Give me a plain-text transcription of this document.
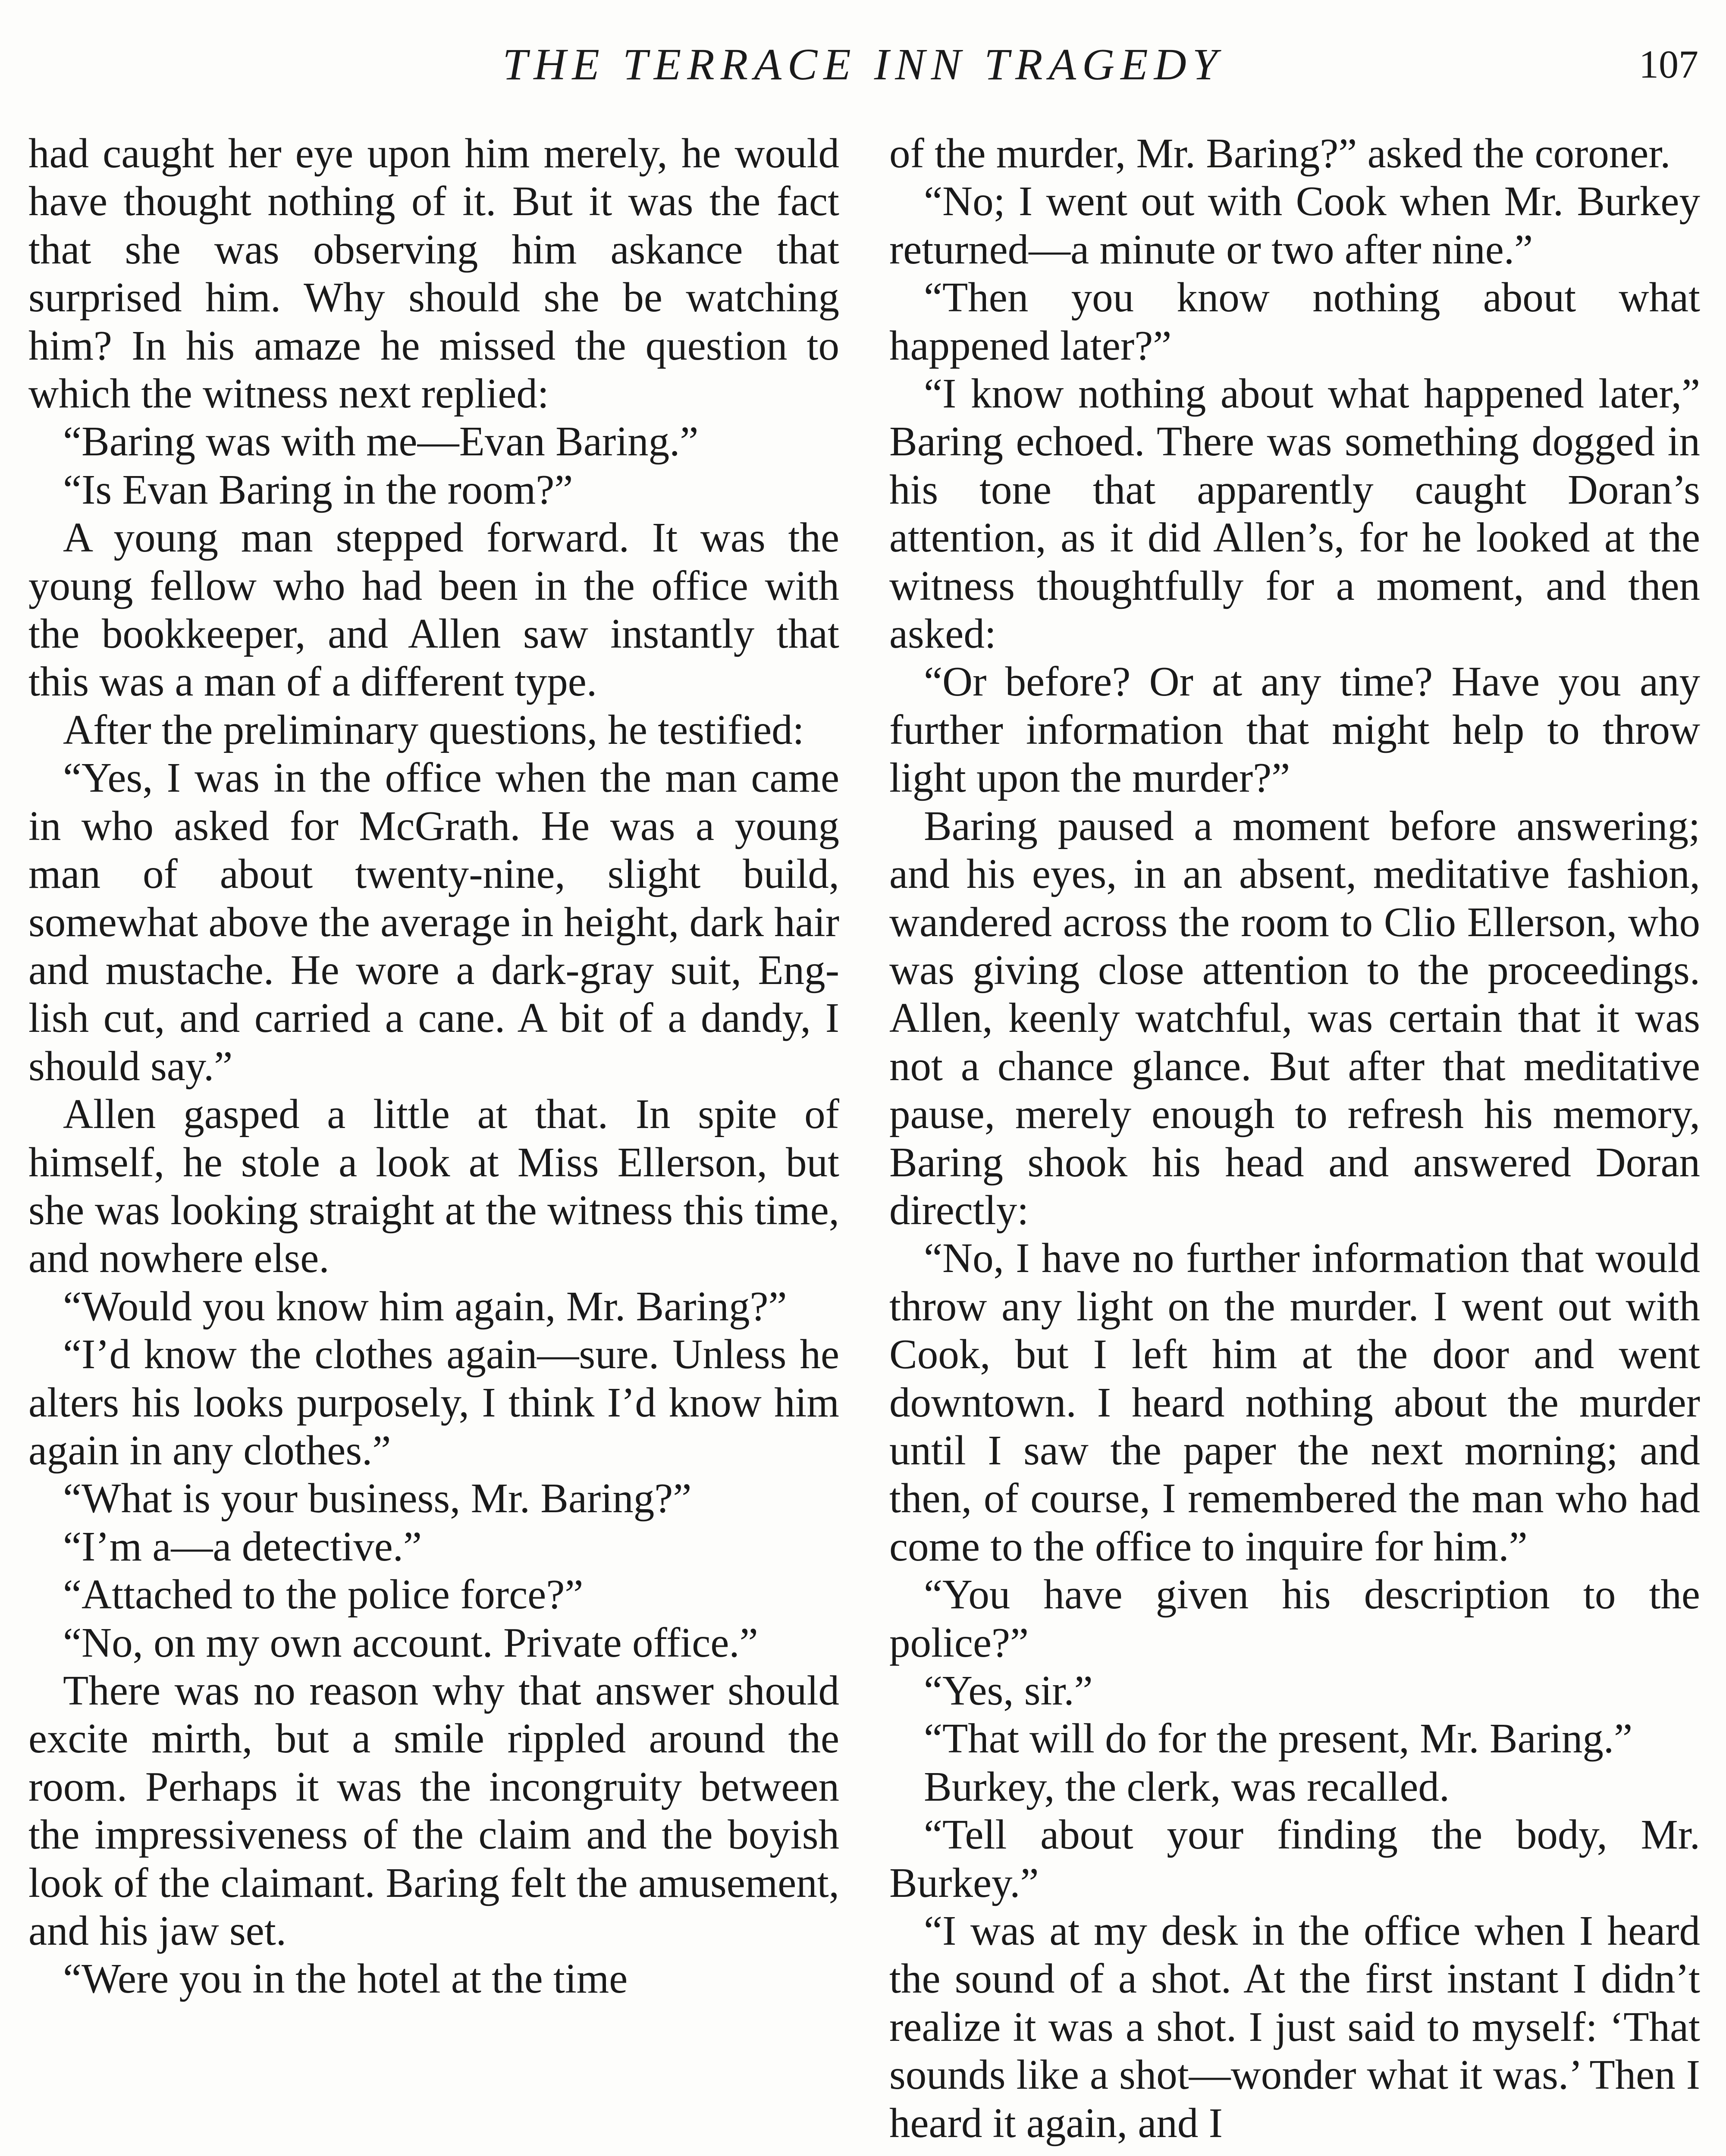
THE TERRACE INN TRAGEDY	107

had caught her eye upon him merely, he would have thought nothing of it. But it was the fact that she was observing him askance that surprised him. Why should she be watching him? In his amaze he missed the question to which the witness next replied:

“Baring was with me—Evan Baring.”

“Is Evan Baring in the room?”

A young man stepped forward. It was the young fellow who had been in the office with the bookkeeper, and Allen saw instantly that this was a man of a different type.

After the preliminary questions, he testified:

“Yes, I was in the office when the man came in who asked for McGrath. He was a young man of about twenty-nine, slight build, somewhat above the average in height, dark hair and mustache. He wore a dark-gray suit, English cut, and carried a cane. A bit of a dandy, I should say.”

Allen gasped a little at that. In spite of himself, he stole a look at Miss Ellerson, but she was looking straight at the witness this time, and nowhere else.

“Would you know him again, Mr. Baring?”

“I’d know the clothes again—sure. Unless he alters his looks purposely, I think I’d know him again in any clothes.”

“What is your business, Mr. Baring?”

“I’m a—a detective.”

“Attached to the police force?”

“No, on my own account. Private office.”

There was no reason why that answer should excite mirth, but a smile rippled around the room. Perhaps it was the incongruity between the impressiveness of the claim and the boyish look of the claimant. Baring felt the amusement, and his jaw set.

“Were you in the hotel at the time

of the murder, Mr. Baring?” asked the coroner.

“No; I went out with Cook when Mr. Burkey returned—a minute or two after nine.”

“Then you know nothing about what happened later?”

“I know nothing about what happened later,” Baring echoed. There was something dogged in his tone that apparently caught Doran’s attention, as it did Allen’s, for he looked at the witness thoughtfully for a moment, and then asked:

“Or before? Or at any time? Have you any further information that might help to throw light upon the murder?”

Baring paused a moment before answering; and his eyes, in an absent, meditative fashion, wandered across the room to Clio Ellerson, who was giving close attention to the proceedings. Allen, keenly watchful, was certain that it was not a chance glance. But after that meditative pause, merely enough to refresh his memory, Baring shook his head and answered Doran directly:

“No, I have no further information that would throw any light on the murder. I went out with Cook, but I left him at the door and went downtown. I heard nothing about the murder until I saw the paper the next morning; and then, of course, I remembered the man who had come to the office to inquire for him.”

“You have given his description to the police?”

“Yes, sir.”

“That will do for the present, Mr. Baring.”

Burkey, the clerk, was recalled.

“Tell about your finding the body, Mr. Burkey.”

“I was at my desk in the office when I heard the sound of a shot. At the first instant I didn’t realize it was a shot. I just said to myself: ‘That sounds like a shot—wonder what it was.’ Then I heard it again, and I
